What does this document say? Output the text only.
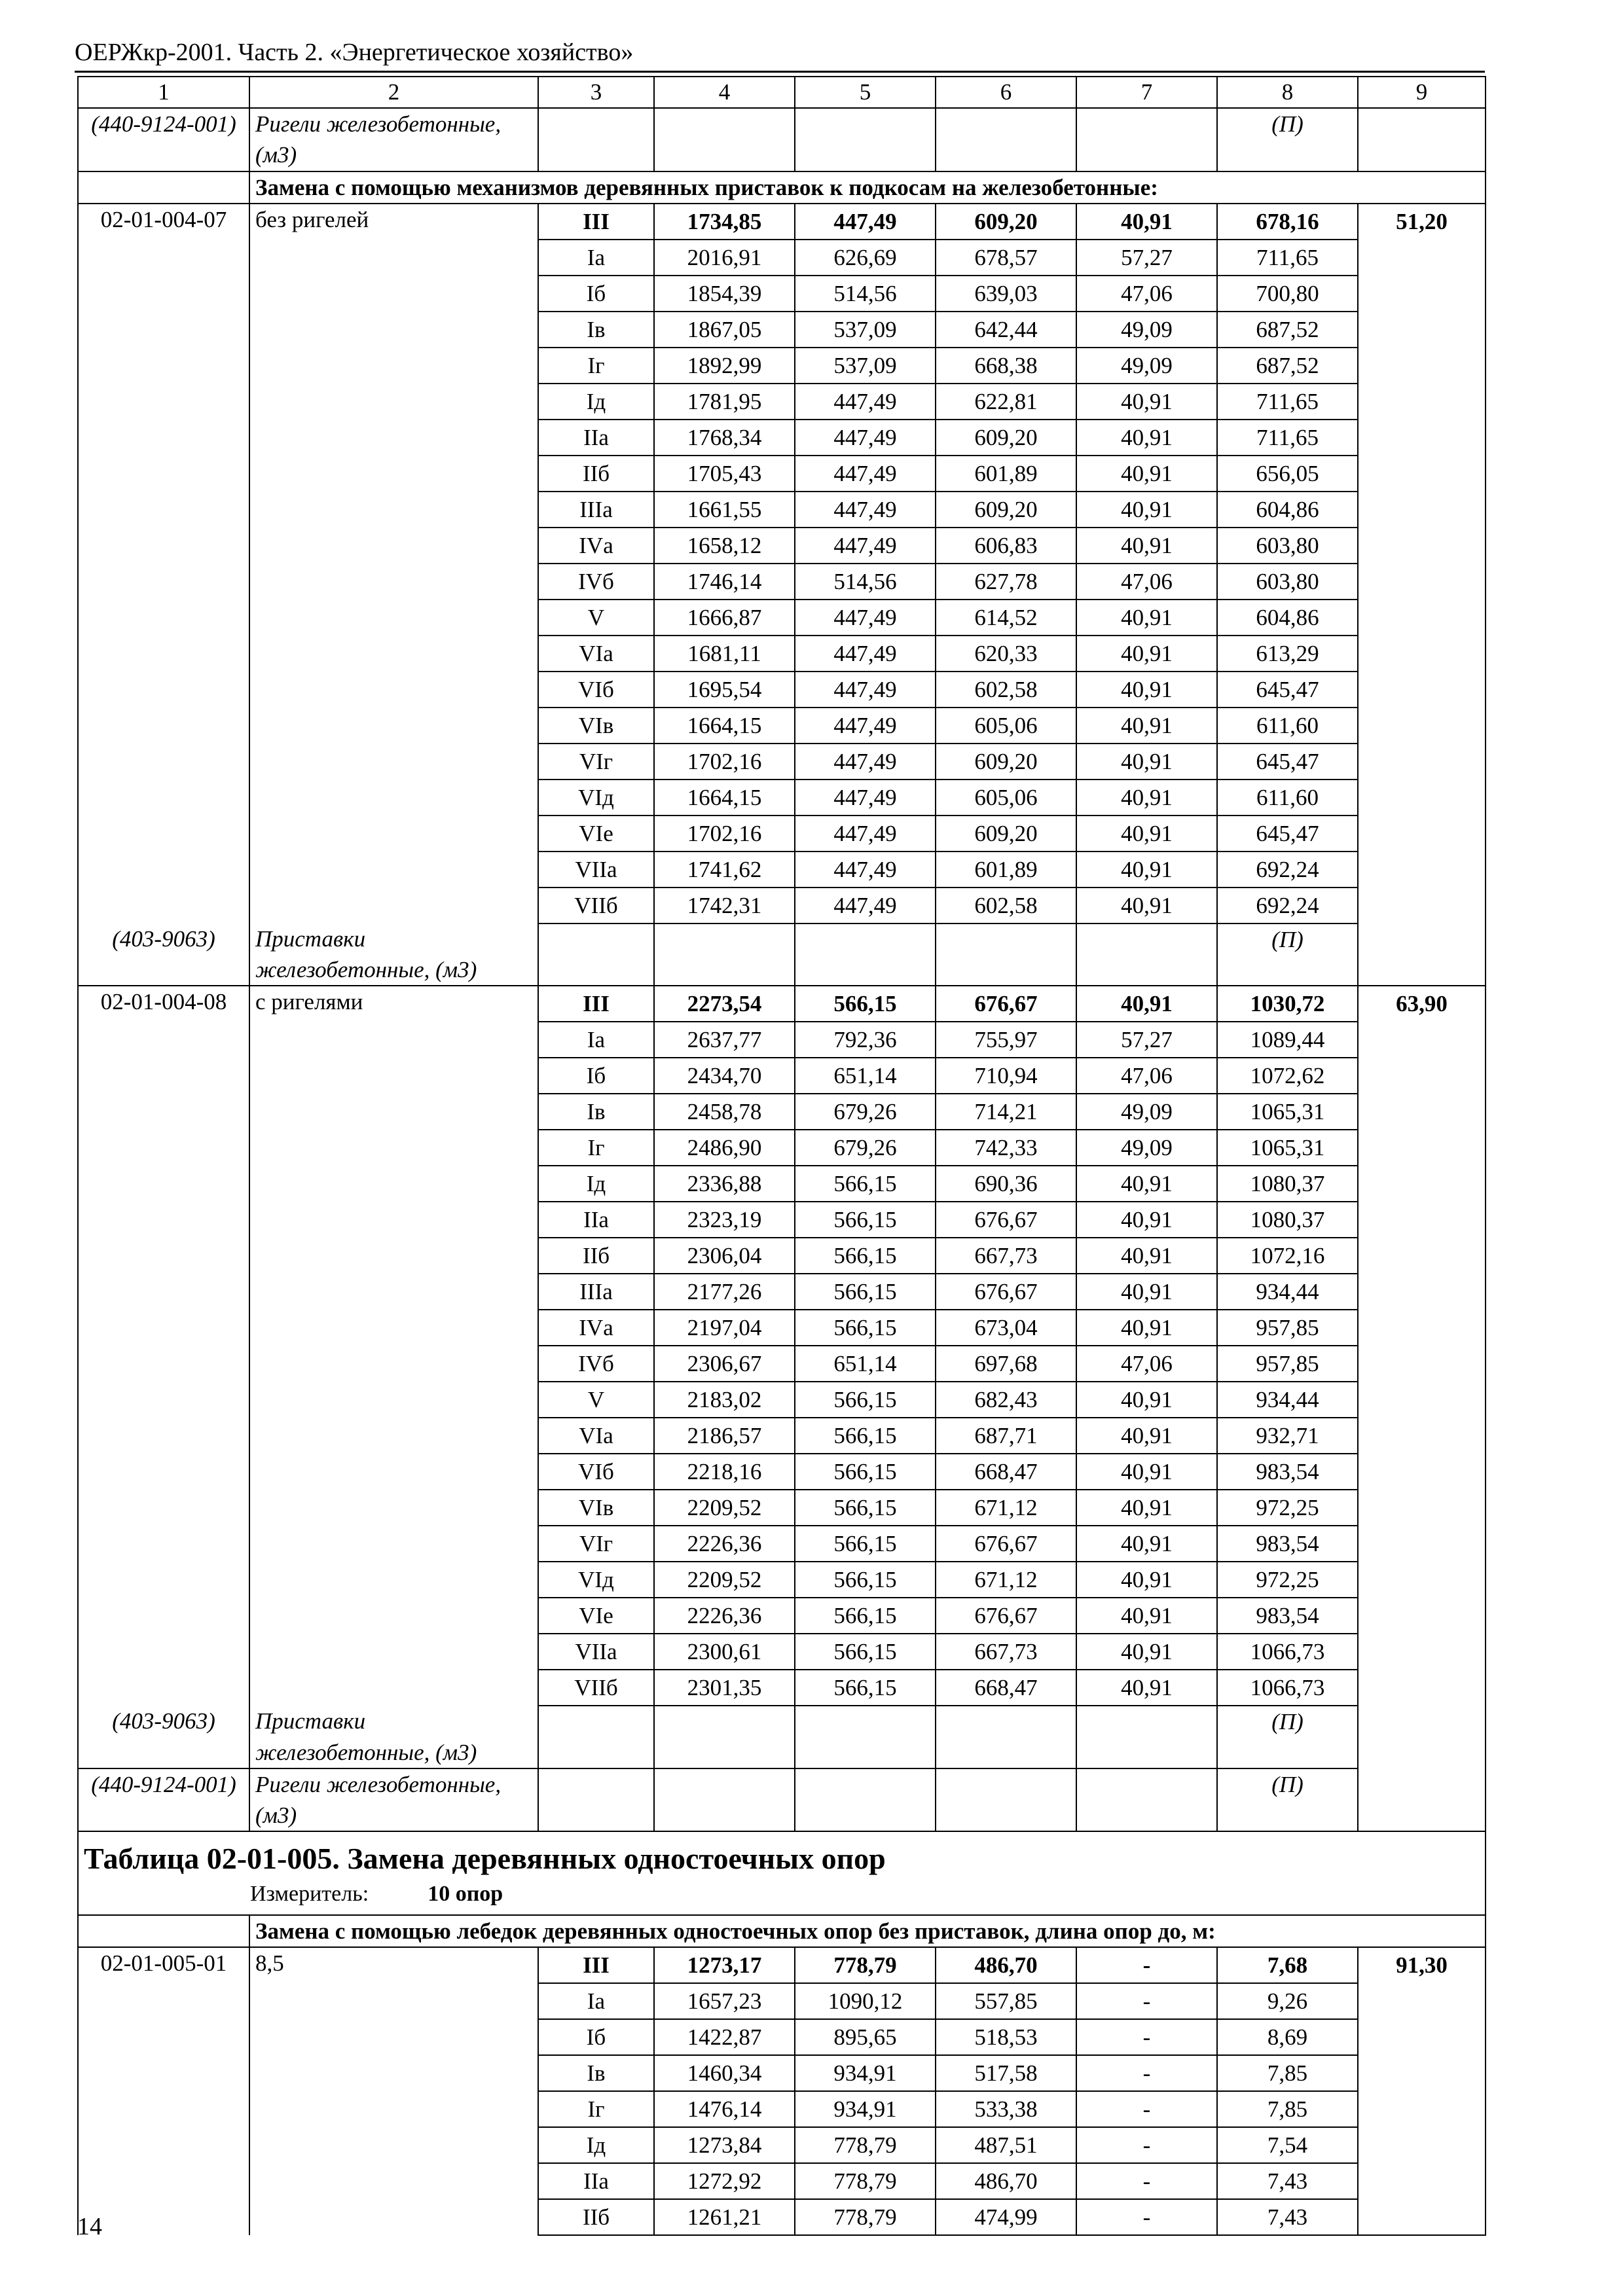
ОЕРЖкр-2001. Часть 2. «Энергетическое хозяйство»
1	2	3	4	5	6	7	8	9
(440-9124-001)	Ригели железобетонные, (м3)						(П)	
	Замена с помощью механизмов деревянных приставок к подкосам на железобетонные:							
02-01-004-07	без ригелей	III	1734,85	447,49	609,20	40,91	678,16	51,20
		Iа	2016,91	626,69	678,57	57,27	711,65	
		Iб	1854,39	514,56	639,03	47,06	700,80	
		Iв	1867,05	537,09	642,44	49,09	687,52	
		Iг	1892,99	537,09	668,38	49,09	687,52	
		Iд	1781,95	447,49	622,81	40,91	711,65	
		IIа	1768,34	447,49	609,20	40,91	711,65	
		IIб	1705,43	447,49	601,89	40,91	656,05	
		IIIа	1661,55	447,49	609,20	40,91	604,86	
		IVа	1658,12	447,49	606,83	40,91	603,80	
		IVб	1746,14	514,56	627,78	47,06	603,80	
		V	1666,87	447,49	614,52	40,91	604,86	
		VIа	1681,11	447,49	620,33	40,91	613,29	
		VIб	1695,54	447,49	602,58	40,91	645,47	
		VIв	1664,15	447,49	605,06	40,91	611,60	
		VIг	1702,16	447,49	609,20	40,91	645,47	
		VIд	1664,15	447,49	605,06	40,91	611,60	
		VIе	1702,16	447,49	609,20	40,91	645,47	
		VIIа	1741,62	447,49	601,89	40,91	692,24	
		VIIб	1742,31	447,49	602,58	40,91	692,24	
(403-9063)	Приставки железобетонные, (м3)						(П)	
02-01-004-08	с ригелями	III	2273,54	566,15	676,67	40,91	1030,72	63,90
		Iа	2637,77	792,36	755,97	57,27	1089,44	
		Iб	2434,70	651,14	710,94	47,06	1072,62	
		Iв	2458,78	679,26	714,21	49,09	1065,31	
		Iг	2486,90	679,26	742,33	49,09	1065,31	
		Iд	2336,88	566,15	690,36	40,91	1080,37	
		IIа	2323,19	566,15	676,67	40,91	1080,37	
		IIб	2306,04	566,15	667,73	40,91	1072,16	
		IIIа	2177,26	566,15	676,67	40,91	934,44	
		IVа	2197,04	566,15	673,04	40,91	957,85	
		IVб	2306,67	651,14	697,68	47,06	957,85	
		V	2183,02	566,15	682,43	40,91	934,44	
		VIа	2186,57	566,15	687,71	40,91	932,71	
		VIб	2218,16	566,15	668,47	40,91	983,54	
		VIв	2209,52	566,15	671,12	40,91	972,25	
		VIг	2226,36	566,15	676,67	40,91	983,54	
		VIд	2209,52	566,15	671,12	40,91	972,25	
		VIе	2226,36	566,15	676,67	40,91	983,54	
		VIIа	2300,61	566,15	667,73	40,91	1066,73	
		VIIб	2301,35	566,15	668,47	40,91	1066,73	
(403-9063)	Приставки железобетонные, (м3)						(П)	
(440-9124-001)	Ригели железобетонные, (м3)						(П)	

Таблица 02-01-005. Замена деревянных одностоечных опор
Измеритель: 10 опор								

	Замена с помощью лебедок деревянных одностоечных опор без приставок, длина опор до, м:							
02-01-005-01	8,5	III	1273,17	778,79	486,70	-	7,68	91,30
		Iа	1657,23	1090,12	557,85	-	9,26	
		Iб	1422,87	895,65	518,53	-	8,69	
		Iв	1460,34	934,91	517,58	-	7,85	
		Iг	1476,14	934,91	533,38	-	7,85	
		Iд	1273,84	778,79	487,51	-	7,54	
		IIа	1272,92	778,79	486,70	-	7,43	
		IIб	1261,21	778,79	474,99	-	7,43	
14
